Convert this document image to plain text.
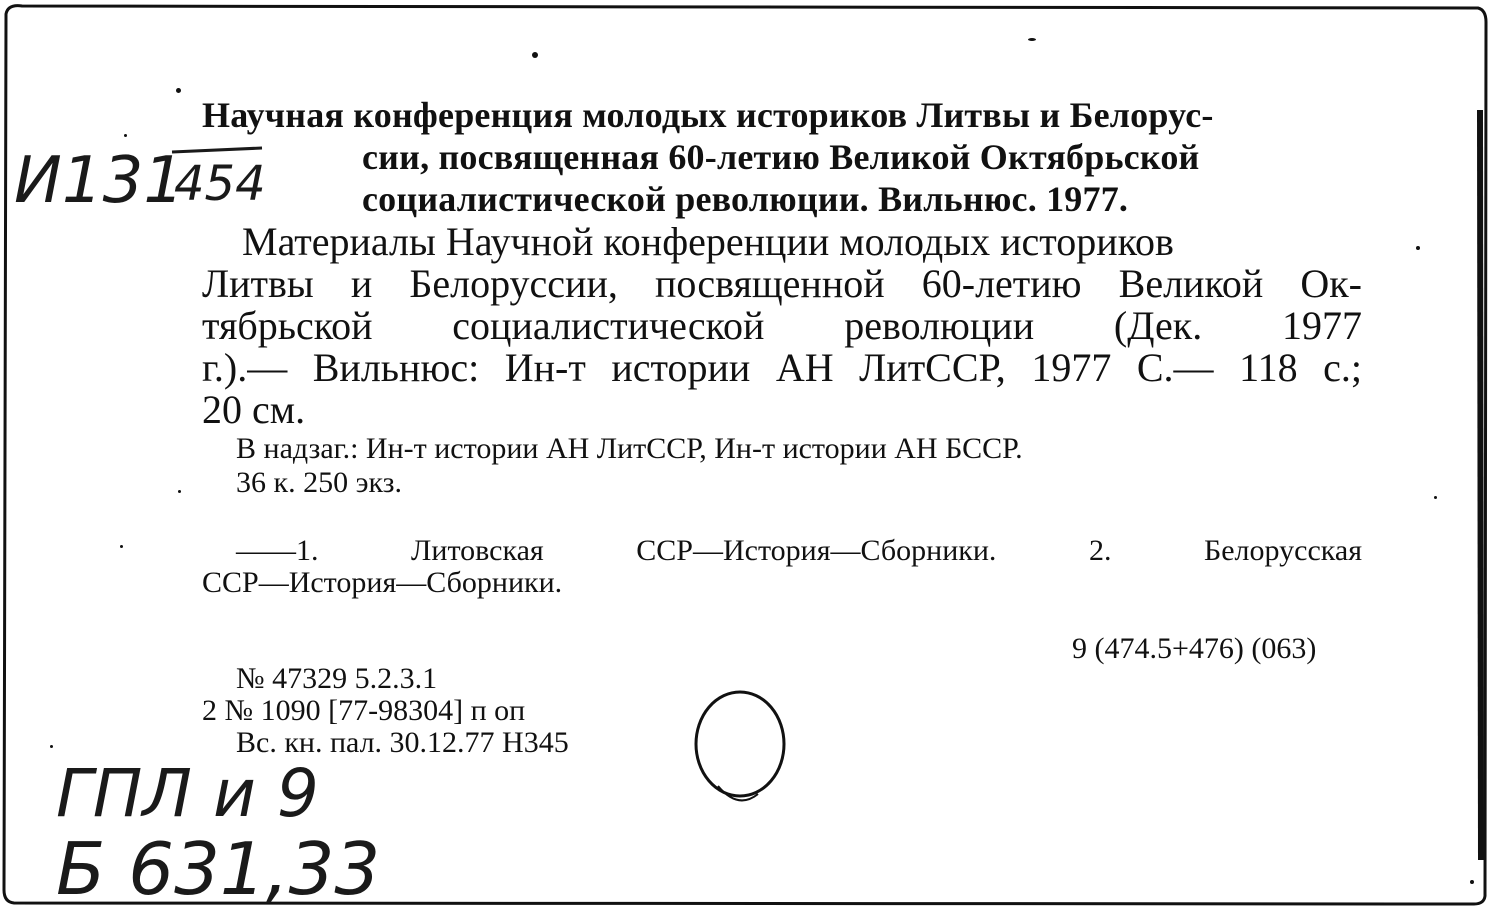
И131
454
Научная конференция молодых историков Литвы и Белорус-
сии, посвященная 60-летию Великой Октябрьской
социалистической революции. Вильнюс. 1977.
Материалы Научной конференции молодых историков
Литвы и Белоруссии, посвященной 60-летию Великой Ок-
тябрьской социалистической революции (Дек. 1977
г.).— Вильнюс: Ин-т истории АН ЛитССР, 1977 С.— 118 с.;
20 см.
В надзаг.: Ин-т истории АН ЛитССР, Ин-т истории АН БССР.
36 к. 250 экз.
——1. Литовская ССР—История—Сборники. 2. Белорусская
ССР—История—Сборники.
9 (474.5+476) (063)
№ 47329 5.2.3.1
2 № 1090 [77-98304] п оп
Вс. кн. пал. 30.12.77 Н345
ГПЛ и 9
Б 631,33
